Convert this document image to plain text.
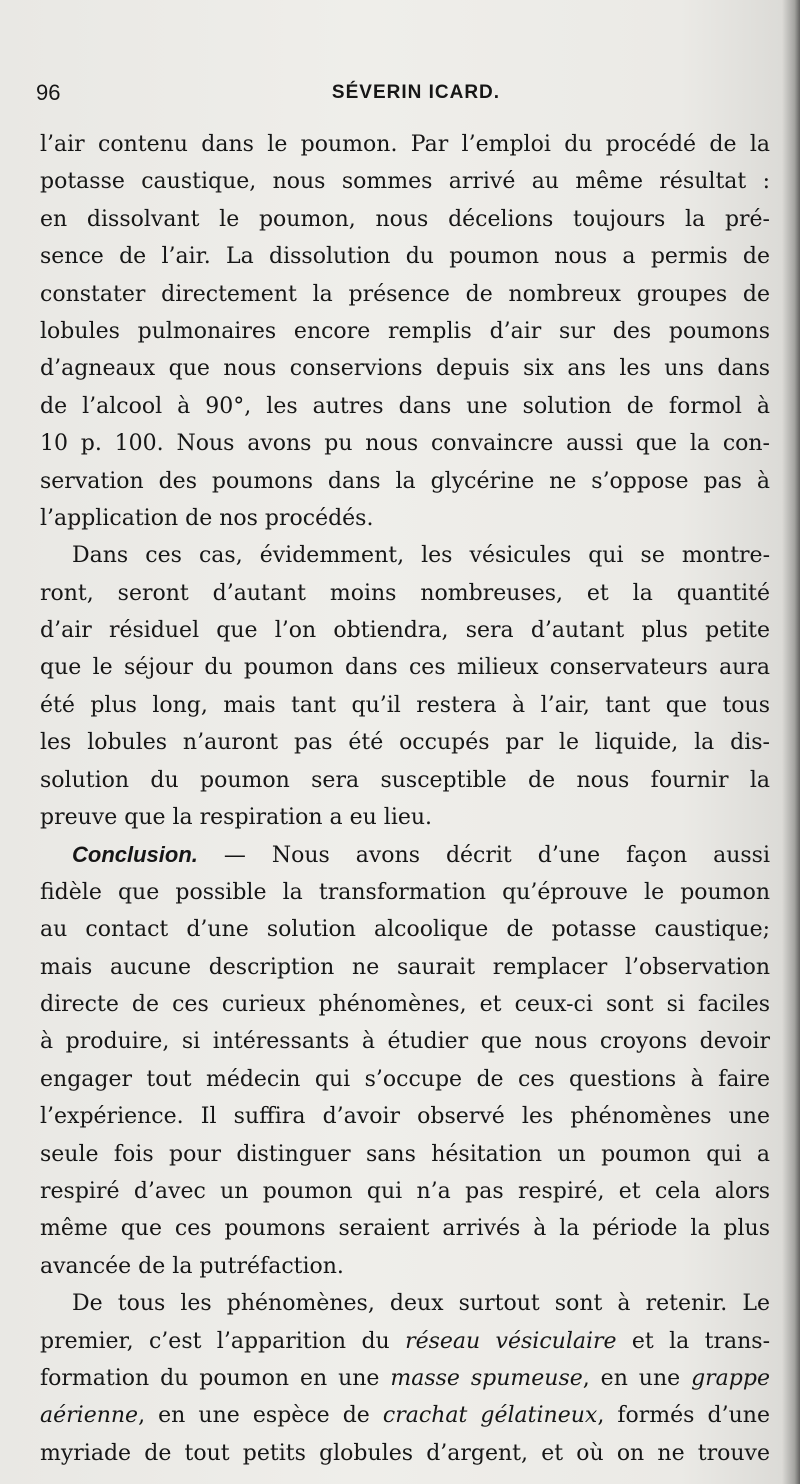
96	SÉVERIN ICARD.
l’air contenu dans le poumon. Par l’emploi du procédé de la
potasse caustique, nous sommes arrivé au même résultat :
en dissolvant le poumon, nous décelions toujours la pré-
sence de l’air. La dissolution du poumon nous a permis de
constater directement la présence de nombreux groupes de
lobules pulmonaires encore remplis d’air sur des poumons
d’agneaux que nous conservions depuis six ans les uns dans
de l’alcool à 90°, les autres dans une solution de formol à
10 p. 100. Nous avons pu nous convaincre aussi que la con-
servation des poumons dans la glycérine ne s’oppose pas à
l’application de nos procédés.
Dans ces cas, évidemment, les vésicules qui se montre-
ront, seront d’autant moins nombreuses, et la quantité
d’air résiduel que l’on obtiendra, sera d’autant plus petite
que le séjour du poumon dans ces milieux conservateurs aura
été plus long, mais tant qu’il restera à l’air, tant que tous
les lobules n’auront pas été occupés par le liquide, la dis-
solution du poumon sera susceptible de nous fournir la
preuve que la respiration a eu lieu.
Conclusion. — Nous avons décrit d’une façon aussi
fidèle que possible la transformation qu’éprouve le poumon
au contact d’une solution alcoolique de potasse caustique;
mais aucune description ne saurait remplacer l’observation
directe de ces curieux phénomènes, et ceux-ci sont si faciles
à produire, si intéressants à étudier que nous croyons devoir
engager tout médecin qui s’occupe de ces questions à faire
l’expérience. Il suffira d’avoir observé les phénomènes une
seule fois pour distinguer sans hésitation un poumon qui a
respiré d’avec un poumon qui n’a pas respiré, et cela alors
même que ces poumons seraient arrivés à la période la plus
avancée de la putréfaction.
De tous les phénomènes, deux surtout sont à retenir. Le
premier, c’est l’apparition du réseau vésiculaire et la trans-
formation du poumon en une masse spumeuse, en une grappe
aérienne, en une espèce de crachat gélatineux, formés d’une
myriade de tout petits globules d’argent, et où on ne trouve
